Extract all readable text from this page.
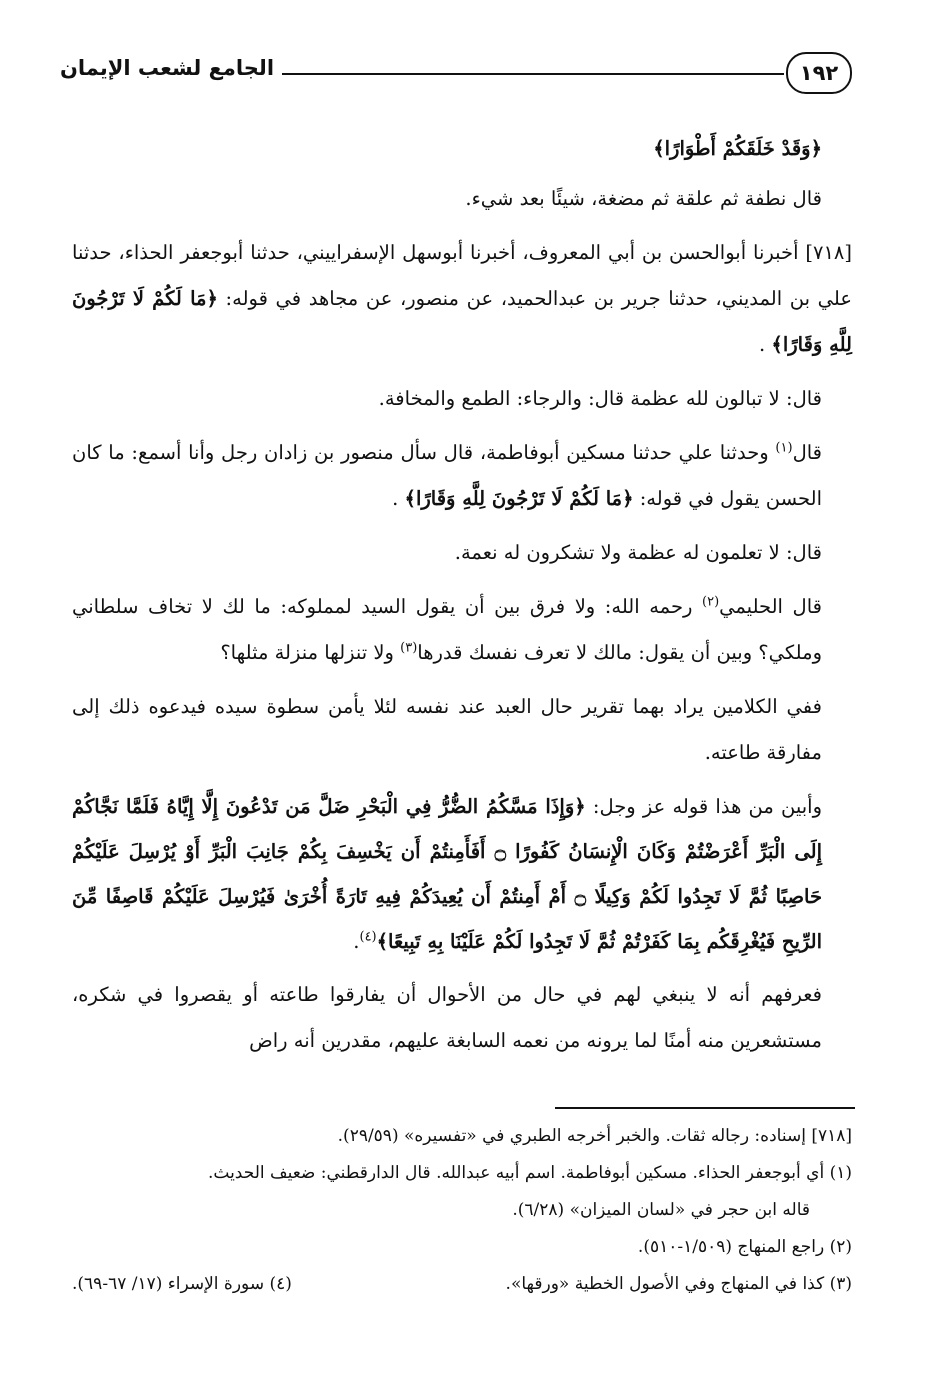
١٩٢
الجامع لشعب الإيمان

﴿وَقَدْ خَلَقَكُمْ أَطْوَارًا﴾

قال نطفة ثم علقة ثم مضغة، شيئًا بعد شيء.

[٧١٨] أخبرنا أبوالحسن بن أبي المعروف، أخبرنا أبوسهل الإسفراييني، حدثنا أبوجعفر الحذاء، حدثنا علي بن المديني، حدثنا جرير بن عبدالحميد، عن منصور، عن مجاهد في قوله: ﴿مَا لَكُمْ لَا تَرْجُونَ لِلَّهِ وَقَارًا﴾ .

قال: لا تبالون لله عظمة قال: والرجاء: الطمع والمخافة.

قال$^{(١)}$ وحدثنا علي حدثنا مسكين أبوفاطمة، قال سأل منصور بن زادان رجل وأنا أسمع: ما كان الحسن يقول في قوله: ﴿مَا لَكُمْ لَا تَرْجُونَ لِلَّهِ وَقَارًا﴾ .

قال: لا تعلمون له عظمة ولا تشكرون له نعمة.

قال الحليمي$^{(٢)}$ رحمه الله: ولا فرق بين أن يقول السيد لمملوكه: ما لك لا تخاف سلطاني وملكي؟ وبين أن يقول: مالك لا تعرف نفسك قدرها$^{(٣)}$ ولا تنزلها منزلة مثلها؟

ففي الكلامين يراد بهما تقرير حال العبد عند نفسه لئلا يأمن سطوة سيده فيدعوه ذلك إلى مفارقة طاعته.

وأبين من هذا قوله عز وجل: ﴿وَإِذَا مَسَّكُمُ الضُّرُّ فِي الْبَحْرِ ضَلَّ مَن تَدْعُونَ إِلَّا إِيَّاهُ فَلَمَّا نَجَّاكُمْ إِلَى الْبَرِّ أَعْرَضْتُمْ وَكَانَ الْإِنسَانُ كَفُورًا ۝ أَفَأَمِنتُمْ أَن يَخْسِفَ بِكُمْ جَانِبَ الْبَرِّ أَوْ يُرْسِلَ عَلَيْكُمْ حَاصِبًا ثُمَّ لَا تَجِدُوا لَكُمْ وَكِيلًا ۝ أَمْ أَمِنتُمْ أَن يُعِيدَكُمْ فِيهِ تَارَةً أُخْرَىٰ فَيُرْسِلَ عَلَيْكُمْ قَاصِفًا مِّنَ الرِّيحِ فَيُغْرِقَكُم بِمَا كَفَرْتُمْ ثُمَّ لَا تَجِدُوا لَكُمْ عَلَيْنَا بِهِ تَبِيعًا﴾$^{(٤)}$.

فعرفهم أنه لا ينبغي لهم في حال من الأحوال أن يفارقوا طاعته أو يقصروا في شكره، مستشعرين منه أمنًا لما يرونه من نعمه السابغة عليهم، مقدرين أنه راض

[٧١٨] إسناده: رجاله ثقات. والخبر أخرجه الطبري في «تفسيره» (٢٩/٥٩).
(١) أي أبوجعفر الحذاء. مسكين أبوفاطمة. اسم أبيه عبدالله. قال الدارقطني: ضعيف الحديث.
قاله ابن حجر في «لسان الميزان» (٦/٢٨).
(٢) راجع المنهاج (١/٥٠٩-٥١٠).
(٣) كذا في المنهاج وفي الأصول الخطية «ورقها».
(٤) سورة الإسراء (١٧/ ٦٧-٦٩).
